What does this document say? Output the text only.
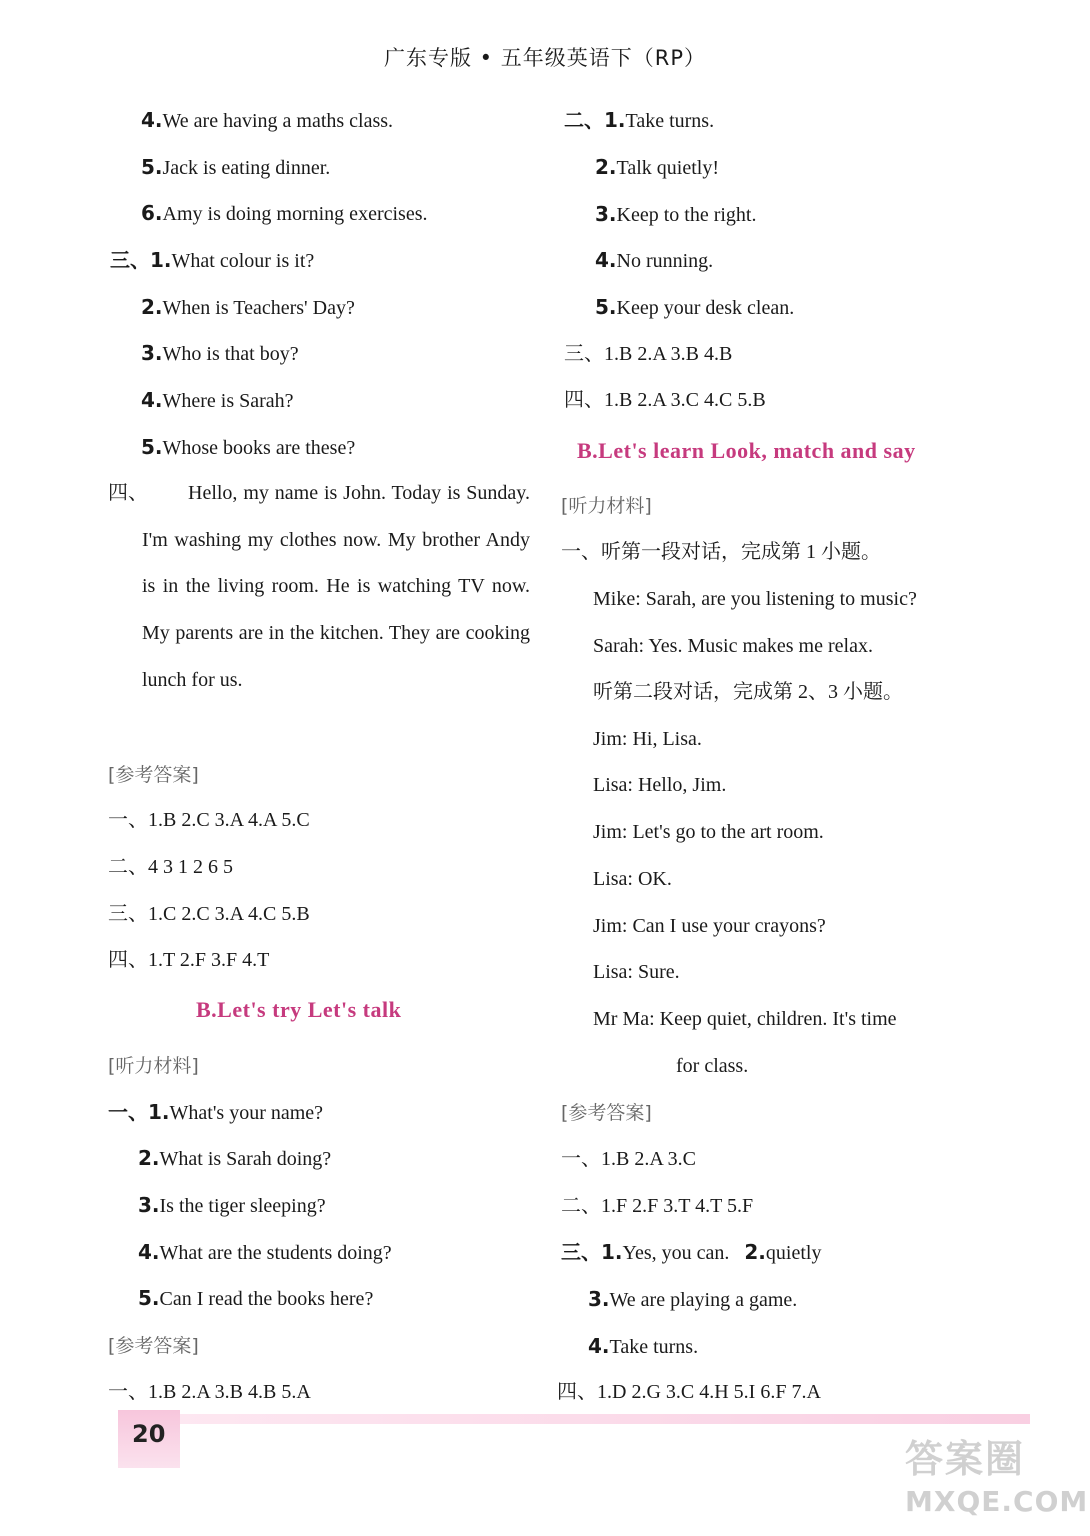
广东专版 • 五年级英语下（RP）
4.We are having a maths class.
5.Jack is eating dinner.
6.Amy is doing morning exercises.
三、1.What colour is it?
2.When is Teachers' Day?
3.Who is that boy?
4.Where is Sarah?
5.Whose books are these?
四、 Hello, my name is John. Today is Sunday. I'm washing my clothes now. My brother Andy is in the living room. He is watching TV now. My parents are in the kitchen. They are cooking lunch for us.
[参考答案]
一、1.B 2.C 3.A 4.A 5.C
二、4 3 1 2 6 5
三、1.C 2.C 3.A 4.C 5.B
四、1.T 2.F 3.F 4.T
B.Let's try Let's talk
[听力材料]
一、1.What's your name?
2.What is Sarah doing?
3.Is the tiger sleeping?
4.What are the students doing?
5.Can I read the books here?
[参考答案]
一、1.B 2.A 3.B 4.B 5.A
二、1.Take turns.
2.Talk quietly!
3.Keep to the right.
4.No running.
5.Keep your desk clean.
三、1.B 2.A 3.B 4.B
四、1.B 2.A 3.C 4.C 5.B
B.Let's learn Look, match and say
[听力材料]
一、听第一段对话，完成第 1 小题。
Mike: Sarah, are you listening to music?
Sarah: Yes. Music makes me relax.
听第二段对话，完成第 2、3 小题。
Jim: Hi, Lisa.
Lisa: Hello, Jim.
Jim: Let's go to the art room.
Lisa: OK.
Jim: Can I use your crayons?
Lisa: Sure.
Mr Ma: Keep quiet, children. It's time
for class.
[参考答案]
一、1.B 2.A 3.C
二、1.F 2.F 3.T 4.T 5.F
三、1.Yes, you can. 2.quietly
3.We are playing a game.
4.Take turns.
四、1.D 2.G 3.C 4.H 5.I 6.F 7.A
20
答案圈
MXQE.COM
